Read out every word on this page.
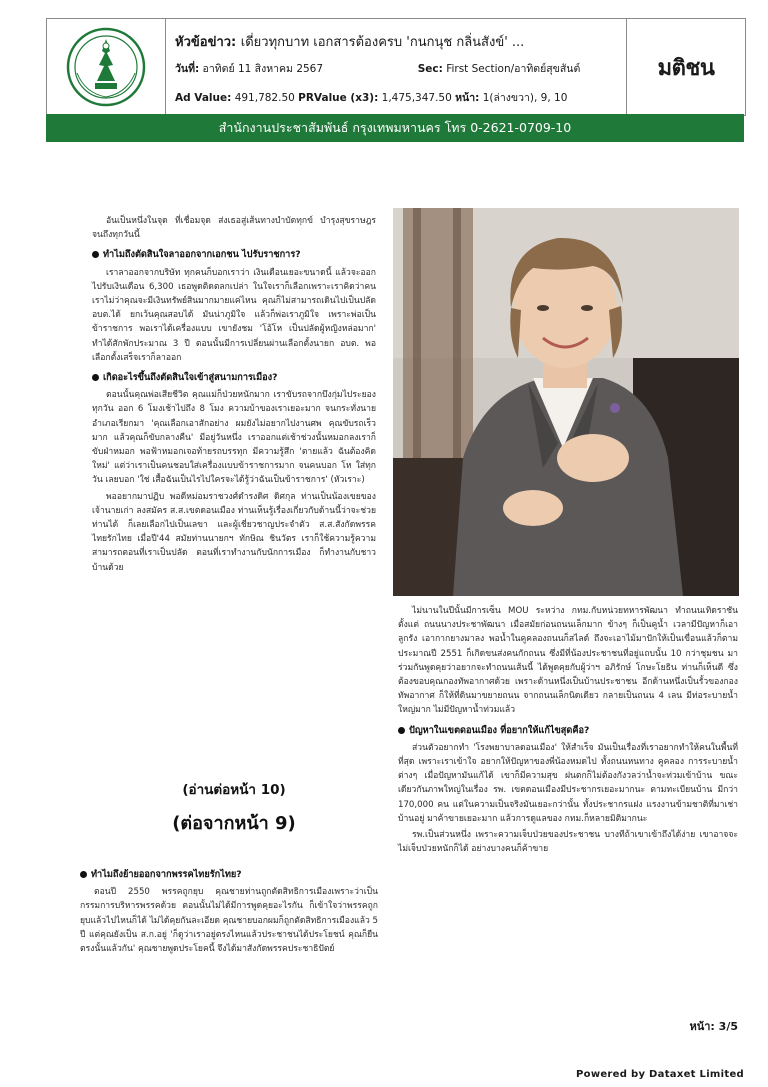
หัวข้อข่าว: เดี่ยวทุกบาท เอกสารต้องครบ 'กนกนุช กลิ่นสังข์' ...
วันที่: อาทิตย์ 11 สิงหาคม 2567	Sec: First Section/อาทิตย์สุขสันต์
Ad Value: 491,782.50 PRValue (x3): 1,475,347.50 หน้า: 1(ล่างขวา), 9, 10
มติชน
สำนักงานประชาสัมพันธ์ กรุงเทพมหานคร โทร 0-2621-0709-10

อันเป็นหนึ่งในจุด ที่เชื่อมจุด ส่งเธอสู่เส้นทางบำบัดทุกข์ บำรุงสุขราษฎร จนถึงทุกวันนี้

ทำไมถึงตัดสินใจลาออกจากเอกชน ไปรับราชการ?

เราลาออกจากบริษัท ทุกคนก็บอกเราว่า เงินเดือนเยอะขนาดนี้ แล้วจะออกไปรับเงินเดือน 6,300 เธอพูดติดตลกเปล่า ในใจเราก็เลือกเพราะเราคิดว่าคนเราไม่ว่าคุณจะมีเงินทรัพย์สินมากมายแค่ไหน คุณก็ไม่สามารถเดินไปเป็นปลัด อบต.ได้ ยกเว้นคุณสอบได้ มันน่าภูมิใจ แล้วก็พ่อเราภูมิใจ เพราะพ่อเป็นข้าราชการ พอเราได้เครื่องแบบ เขายังชม 'โอ้โห เป็นปลัดผู้หญิงหล่อมาก' ทำได้สักพักประมาณ 3 ปี ตอนนั้นมีการเปลี่ยนผ่านเลือกตั้งนายก อบต. พอเลือกตั้งเสร็จเราก็ลาออก

เกิดอะไรขึ้นถึงตัดสินใจเข้าสู่สนามการเมือง?

ตอนนั้นคุณพ่อเสียชีวิต คุณแม่ก็ป่วยหนักมาก เราขับรถจากบึงกุ่มไประยอง ทุกวัน ออก 6 โมงเช้าไปถึง 8 โมง ความบ้าของเราเยอะมาก จนกระทั่งนายอำเภอเรียกมา 'คุณเลือกเอาสักอย่าง ผมยังไม่อยากไปงานศพ คุณขับรถเร็วมาก แล้วคุณก็ขับกลางคืน' มีอยู่วันหนึ่ง เราออกแต่เช้าช่วงนั้นหมอกลงเราก็ขับฝ่าหมอก พอฟ้าหมอกเจอท้ายรถบรรทุก มีความรู้สึก 'ตายแล้ว ฉันต้องคิดใหม่' แต่ว่าเราเป็นคนชอบใส่เครื่องแบบข้าราชการมาก จนคนบอก โห ใส่ทุกวัน เลยบอก 'ใช่ เสื้อฉันเป็นไรไปใครจะได้รู้ว่าฉันเป็นข้าราชการ' (หัวเราะ)

พออยากมาปฏิบ พอดีหม่อมราชวงศ์ดำรงดิศ ดิศกุล ท่านเป็นน้องเขยของเจ้านายเก่า ลงสมัคร ส.ส.เขตดอนเมือง ท่านเห็นรู้เรื่องเกี่ยวกับด้านนี้ว่าจะช่วยท่านได้ ก็เลยเลือกไปเป็นเลขา และผู้เชี่ยวชาญประจำตัว ส.ส.สังกัดพรรคไทยรักไทย เมื่อปี'44 สมัยท่านนายกฯ ทักษิณ ชินวัตร เราก็ใช้ความรู้ความสามารถตอนที่เราเป็นปลัด ตอนที่เราทำงานกับนักการเมือง ก็ทำงานกับชาวบ้านด้วย

(อ่านต่อหน้า 10)
(ต่อจากหน้า 9)
ทำไมถึงย้ายออกจากพรรคไทยรักไทย?

ตอนปี 2550 พรรคถูกยุบ คุณชายท่านถูกตัดสิทธิการเมืองเพราะว่าเป็นกรรมการบริหารพรรคด้วย ตอนนั้นไม่ได้มีการพูดคุยอะไรกัน ก็เข้าใจว่าพรรคถูกยุบแล้วไปไหนก็ได้ ไม่ได้คุยกันละเอียด คุณชายบอกผมก็ถูกตัดสิทธิการเมืองแล้ว 5 ปี แต่คุณยังเป็น ส.ก.อยู่ 'ก็ดูว่าเราอยู่ตรงไหนแล้วประชาชนได้ประโยชน์ คุณก็ยืนตรงนั้นแล้วกัน' คุณชายพูดประโยคนี้ จึงได้มาสังกัดพรรคประชาธิปัตย์

ไม่นานในปีนั้นมีการเซ็น MOU ระหว่าง กทม.กับหน่วยทหารพัฒนา ทำถนนเทิดราชัน ตั้งแต่ ถนนนางประชาพัฒนา เมื่อสมัยก่อนถนนเล็กมาก ข้างๆ ก็เป็นคูน้ำ เวลามีปัญหาก็เอาลูกรัง เอากากยางมาลง พอน้ำในคูคลองถนนก็สไลด์ ถึงจะเอาไม้มาปักให้เป็นเขื่อนแล้วก็ตาม ประมาณปี 2551 ก็เกิดขนส่งคนกักถนน ซึ่งมีที่น้องประชาชนที่อยู่แถบนั้น 10 กว่าชุมชน มาร่วมกันพูดคุยว่าอยากจะทำถนนเส้นนี้ ได้พูดคุยกับผู้ว่าฯ อภิรักษ์ โกษะโยธิน ท่านก็เห็นดี ซึ่งต้องขอบคุณกองทัพอากาศด้วย เพราะด้านหนึ่งเป็นบ้านประชาชน อีกด้านหนึ่งเป็นรั้วของกองทัพอากาศ ก็ให้ที่ดินมาขยายถนน จากถนนเล็กนิดเดียว กลายเป็นถนน 4 เลน มีท่อระบายน้ำใหญ่มาก ไม่มีปัญหาน้ำท่วมแล้ว

ปัญหาในเขตดอนเมือง ที่อยากให้แก้ไขสุดคือ?

ส่วนตัวอยากทำ 'โรงพยาบาลดอนเมือง' ให้สำเร็จ มันเป็นเรื่องที่เราอยากทำให้คนในพื้นที่ที่สุด เพราะเราเข้าใจ อยากให้ปัญหาของพี่น้องหมดไป ทั้งถนนหนทาง คูคลอง การระบายน้ำต่างๆ เมื่อปัญหามันแก้ได้ เขาก็มีความสุข ฝนตกก็ไม่ต้องกังวลว่าน้ำจะท่วมเข้าบ้าน ขณะเดียวกันภาพใหญ่ในเรื่อง รพ. เขตดอนเมืองมีประชากรเยอะมากนะ ตามทะเบียนบ้าน มีกว่า 170,000 คน แต่ในความเป็นจริงมันเยอะกว่านั้น ทั้งประชากรแฝง แรงงานข้ามชาติที่มาเช่าบ้านอยู่ มาค้าขายเยอะมาก แล้วการดูแลของ กทม.ก็หลายมิติมากนะ

รพ.เป็นส่วนหนึ่ง เพราะความเจ็บป่วยของประชาชน บางทีถ้าเขาเข้าถึงได้ง่าย เขาอาจจะไม่เจ็บป่วยหนักก็ได้ อย่างบางคนก็ค้าขาย

หน้า: 3/5
Powered by Dataxet Limited
